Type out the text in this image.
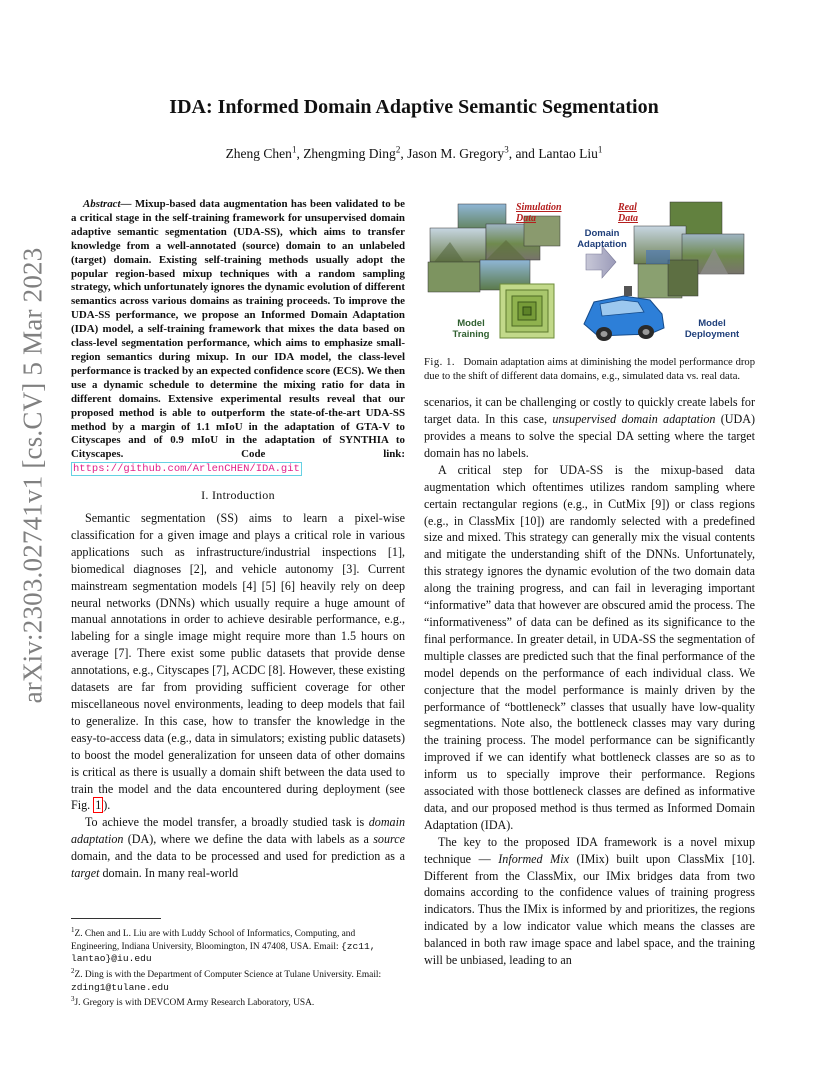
IDA: Informed Domain Adaptive Semantic Segmentation
Zheng Chen$^1$, Zhengming Ding$^2$, Jason M. Gregory$^3$, and Lantao Liu$^1$
arXiv:2303.02741v1 [cs.CV] 5 Mar 2023

Abstract— Mixup-based data augmentation has been validated to be a critical stage in the self-training framework for unsupervised domain adaptive semantic segmentation (UDA-SS), which aims to transfer knowledge from a well-annotated (source) domain to an unlabeled (target) domain. Existing self-training methods usually adopt the popular region-based mixup techniques with a random sampling strategy, which unfortunately ignores the dynamic evolution of different semantics across various domains as training proceeds. To improve the UDA-SS performance, we propose an Informed Domain Adaptation (IDA) model, a self-training framework that mixes the data based on class-level segmentation performance, which aims to emphasize small-region semantics during mixup. In our IDA model, the class-level performance is tracked by an expected confidence score (ECS). We then use a dynamic schedule to determine the mixing ratio for data in different domains. Extensive experimental results reveal that our proposed method is able to outperform the state-of-the-art UDA-SS method by a margin of 1.1 mIoU in the adaptation of GTA-V to Cityscapes and of 0.9 mIoU in the adaptation of SYNTHIA to Cityscapes.	Code link: https://github.com/ArlenCHEN/IDA.git

I. Introduction

Semantic segmentation (SS) aims to learn a pixel-wise classification for a given image and plays a critical role in various applications such as infrastructure/industrial inspections [1], biomedical diagnoses [2], and vehicle autonomy [3]. Current mainstream segmentation models [4] [5] [6] heavily rely on deep neural networks (DNNs) which usually require a huge amount of manual annotations in order to achieve desirable performance, e.g., labeling for a single image might require more than 1.5 hours on average [7]. There exist some public datasets that provide dense annotations, e.g., Cityscapes [7], ACDC [8]. However, these existing datasets are far from providing sufficient coverage for other miscellaneous novel environments, leading to deep models that fail to generalize. In this case, how to transfer the knowledge in the easy-to-access data (e.g., data in simulators; existing public datasets) to boost the model generalization for unseen data of other domains is critical as there is usually a domain shift between the data used to train the model and the data encountered during deployment (see Fig. 1 ).

To achieve the model transfer, a broadly studied task is domain adaptation (DA), where we define the data with labels as a source domain, and the data to be processed and used for prediction as a target domain. In many real-world

$^1$Z. Chen and L. Liu are with Luddy School of Informatics, Computing, and Engineering, Indiana University, Bloomington, IN 47408, USA. Email: {zc11, lantao}@iu.edu

$^2$Z. Ding is with the Department of Computer Science at Tulane University. Email: zding1@tulane.edu

$^3$J. Gregory is with DEVCOM Army Research Laboratory, USA.

Simulation
Data
Domain
Adaptation
Real
Data
Model
Training
Model
Deployment

Fig. 1. Domain adaptation aims at diminishing the model performance drop due to the shift of different data domains, e.g., simulated data vs. real data.

scenarios, it can be challenging or costly to quickly create labels for target data. In this case, unsupervised domain adaptation (UDA) provides a means to solve the special DA setting where the target domain has no labels.

A critical step for UDA-SS is the mixup-based data augmentation which oftentimes utilizes random sampling where certain rectangular regions (e.g., in CutMix [9]) or class regions (e.g., in ClassMix [10]) are randomly selected with a predefined size and mixed. This strategy can generally mix the visual contents and mitigate the understanding shift of the DNNs. Unfortunately, this strategy ignores the dynamic evolution of the two domain data along the training progress, and can fail in leveraging important “informative” data that however are obscured amid the process. The “informativeness” of data can be defined as its significance to the final performance. In greater detail, in UDA-SS the segmentation of multiple classes are predicted such that the final performance of the model depends on the performance of each individual class. We conjecture that the model performance is mainly driven by the performance of “bottleneck” classes that usually have low-quality segmentations. Note also, the bottleneck classes may vary during the training process. The model performance can be significantly improved if we can identify what bottleneck classes are so as to inform us to specially improve their performance. Regions associated with those bottleneck classes are defined as informative data, and our proposed method is thus termed as Informed Domain Adaptation (IDA).

The key to the proposed IDA framework is a novel mixup technique — Informed Mix (IMix) built upon ClassMix [10]. Different from the ClassMix, our IMix bridges data from two domains according to the confidence values of training progress indicators. Thus the IMix is informed by and prioritizes, the regions indicated by a low indicator value which means the classes are balanced in both raw image space and label space, and the training will be unbiased, leading to an
